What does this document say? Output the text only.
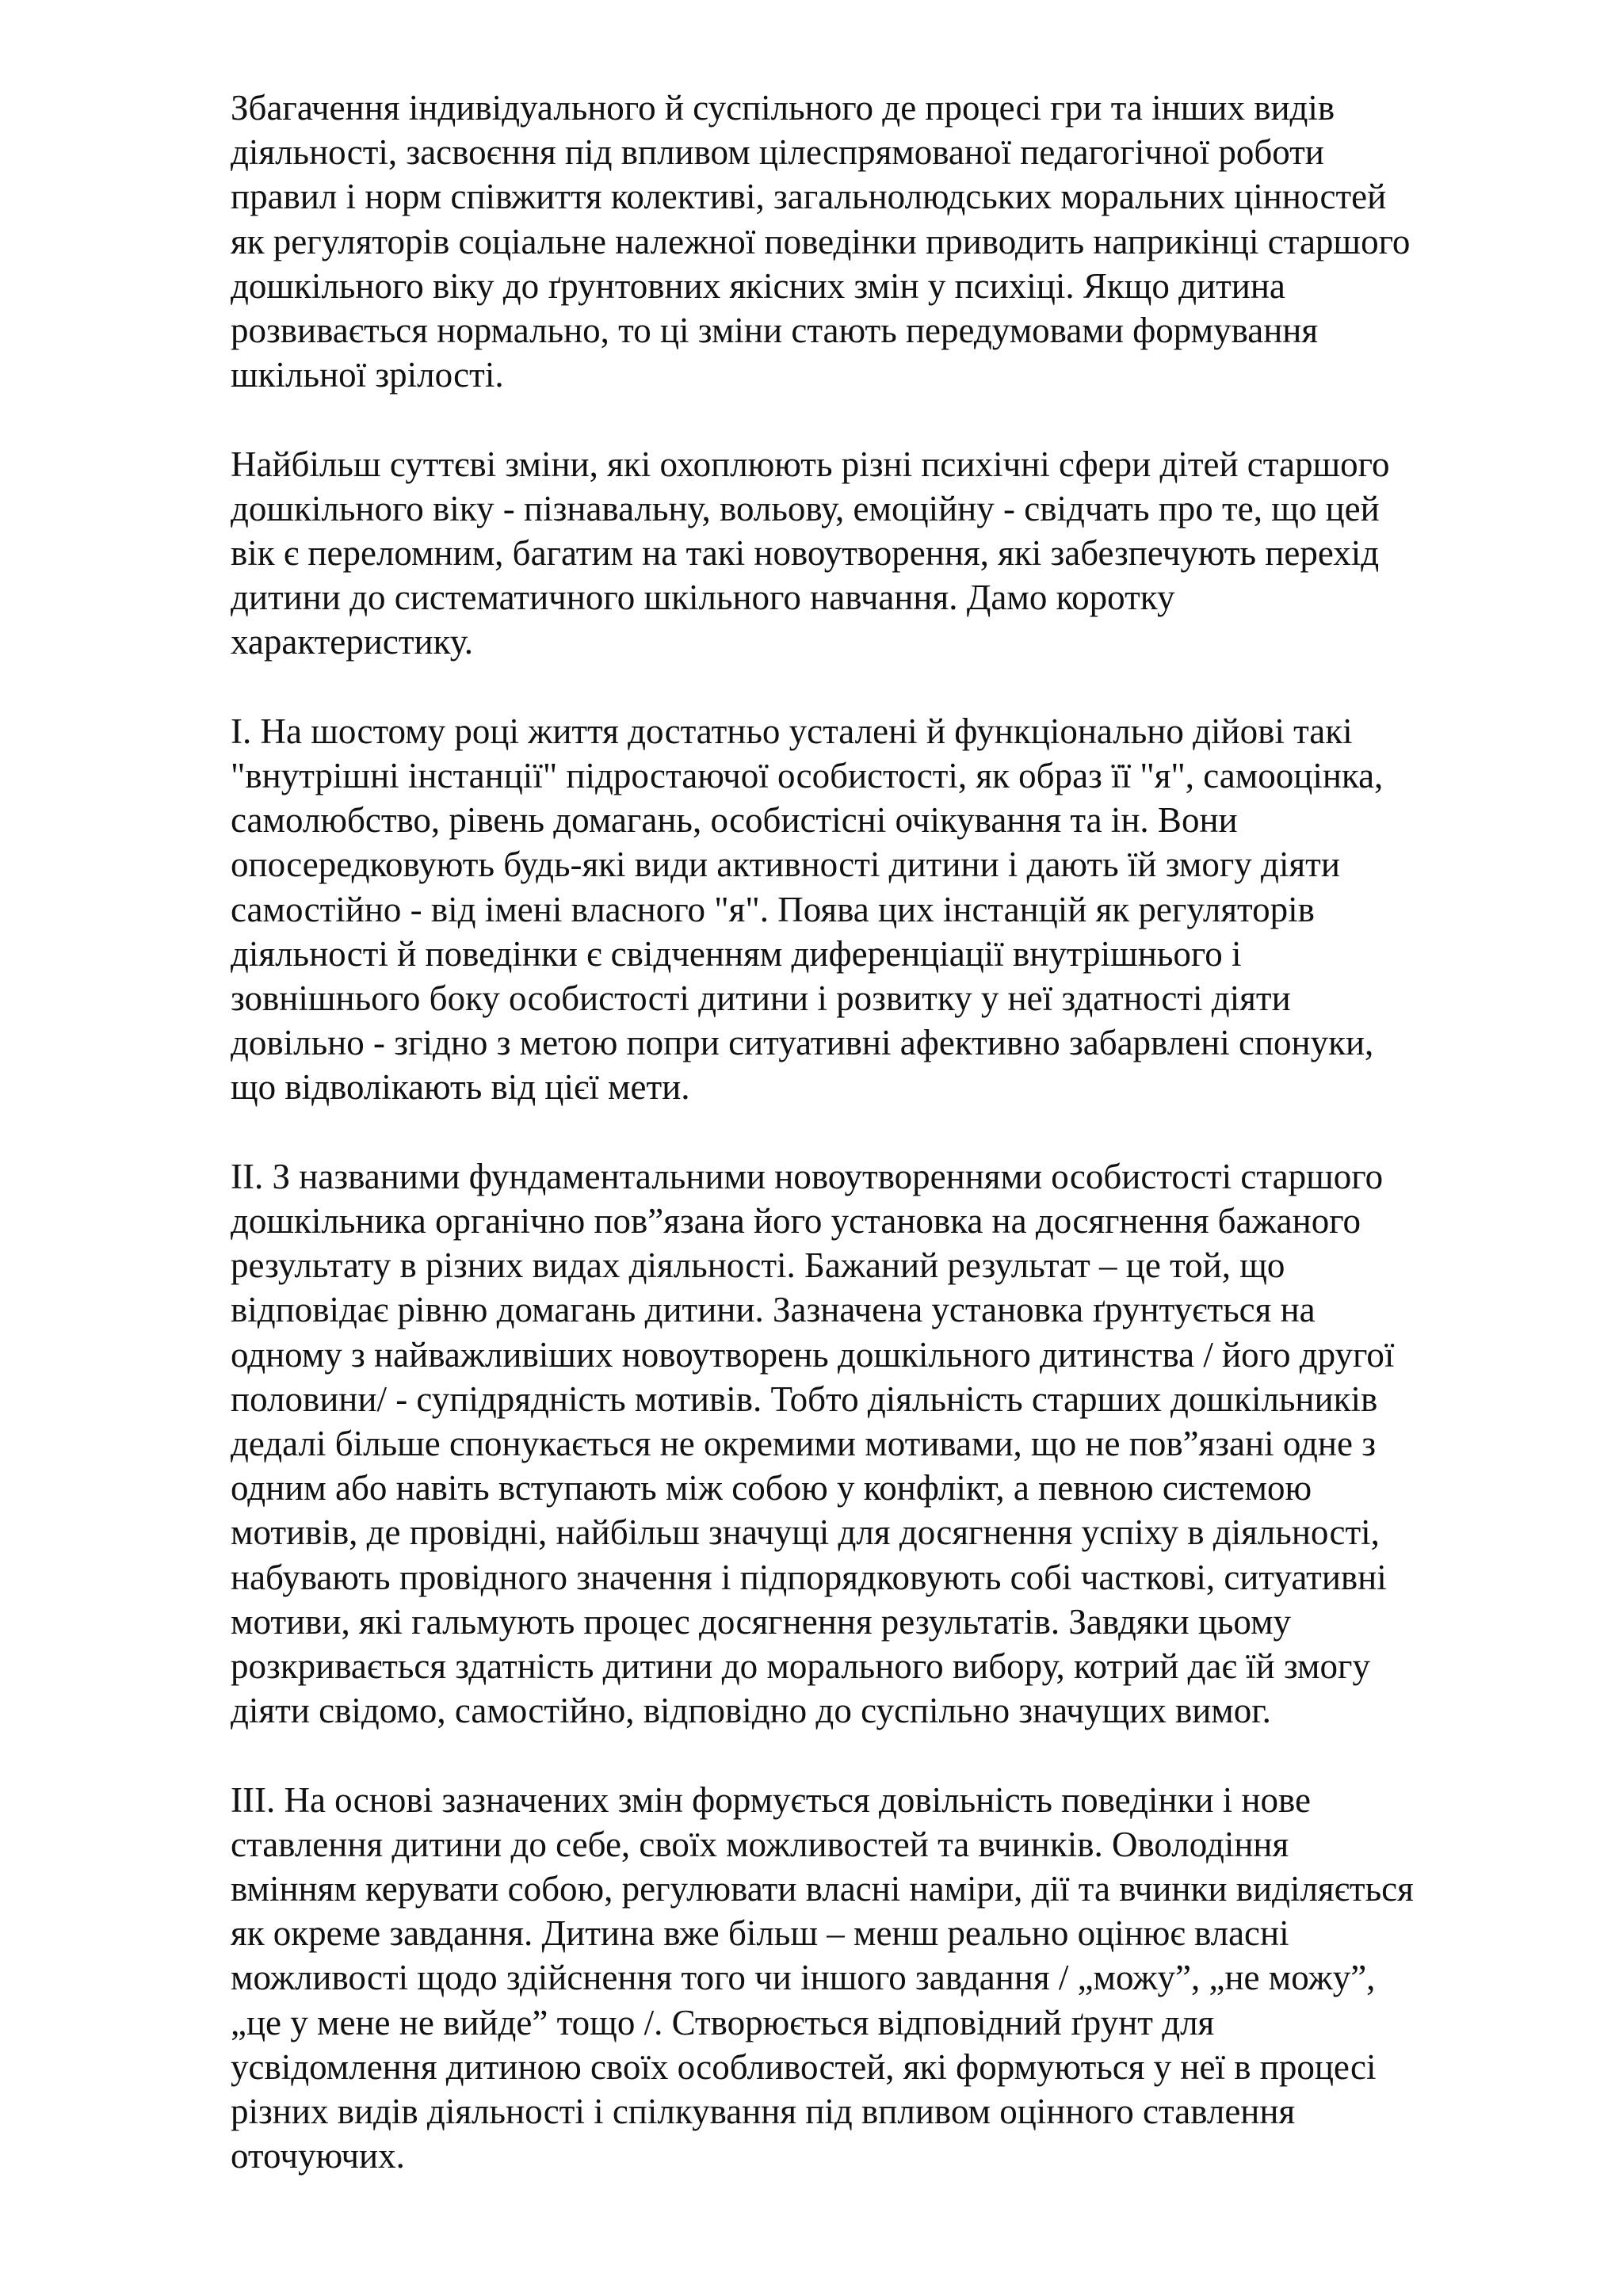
Збагачення індивідуального й суспільного де процесі гри та інших видів
діяльності, засвоєння під впливом цілеспрямованої педагогічної роботи
правил і норм співжиття колективі, загальнолюдських моральних цінностей
як регуляторів соціальне належної поведінки приводить наприкінці старшого
дошкільного віку до ґрунтовних якісних змін у психіці. Якщо дитина
розвивається нормально, то ці зміни стають передумовами формування
шкільної зрілості.

Найбільш суттєві зміни, які охоплюють різні психічні сфери дітей старшого
дошкільного віку - пізнавальну, вольову, емоційну - свідчать про те, що цей
вік є переломним, багатим на такі новоутворення, які забезпечують перехід
дитини до систематичного шкільного навчання. Дамо коротку
характеристику.

І. На шостому році життя достатньо усталені й функціонально дійові такі
"внутрішні інстанції" підростаючої особистості, як образ її "я", самооцінка,
самолюбство, рівень домагань, особистісні очікування та ін. Вони
опосередковують будь-які види активності дитини і дають їй змогу діяти
самостійно - від імені власного "я". Поява цих інстанцій як регуляторів
діяльності й поведінки є свідченням диференціації внутрішнього і
зовнішнього боку особистості дитини і розвитку у неї здатності діяти
довільно - згідно з метою попри ситуативні афективно забарвлені спонуки,
що відволікають від цієї мети.

ІІ. З названими фундаментальними новоутвореннями особистості старшого
дошкільника органічно пов”язана його установка на досягнення бажаного
результату в різних видах діяльності. Бажаний результат – це той, що
відповідає рівню домагань дитини. Зазначена установка ґрунтується на
одному з найважливіших новоутворень дошкільного дитинства / його другої
половини/ - супідрядність мотивів. Тобто діяльність старших дошкільників
дедалі більше спонукається не окремими мотивами, що не пов”язані одне з
одним або навіть вступають між собою у конфлікт, а певною системою
мотивів, де провідні, найбільш значущі для досягнення успіху в діяльності,
набувають провідного значення і підпорядковують собі часткові, ситуативні
мотиви, які гальмують процес досягнення результатів. Завдяки цьому
розкривається здатність дитини до морального вибору, котрий дає їй змогу
діяти свідомо, самостійно, відповідно до суспільно значущих вимог.

ІІІ. На основі зазначених змін формується довільність поведінки і нове
ставлення дитини до себе, своїх можливостей та вчинків. Оволодіння
вмінням керувати собою, регулювати власні наміри, дії та вчинки виділяється
як окреме завдання. Дитина вже більш – менш реально оцінює власні
можливості щодо здійснення того чи іншого завдання / „можу”, „не можу”,
„це у мене не вийде” тощо /. Створюється відповідний ґрунт для
усвідомлення дитиною своїх особливостей, які формуються у неї в процесі
різних видів діяльності і спілкування під впливом оцінного ставлення
оточуючих.
